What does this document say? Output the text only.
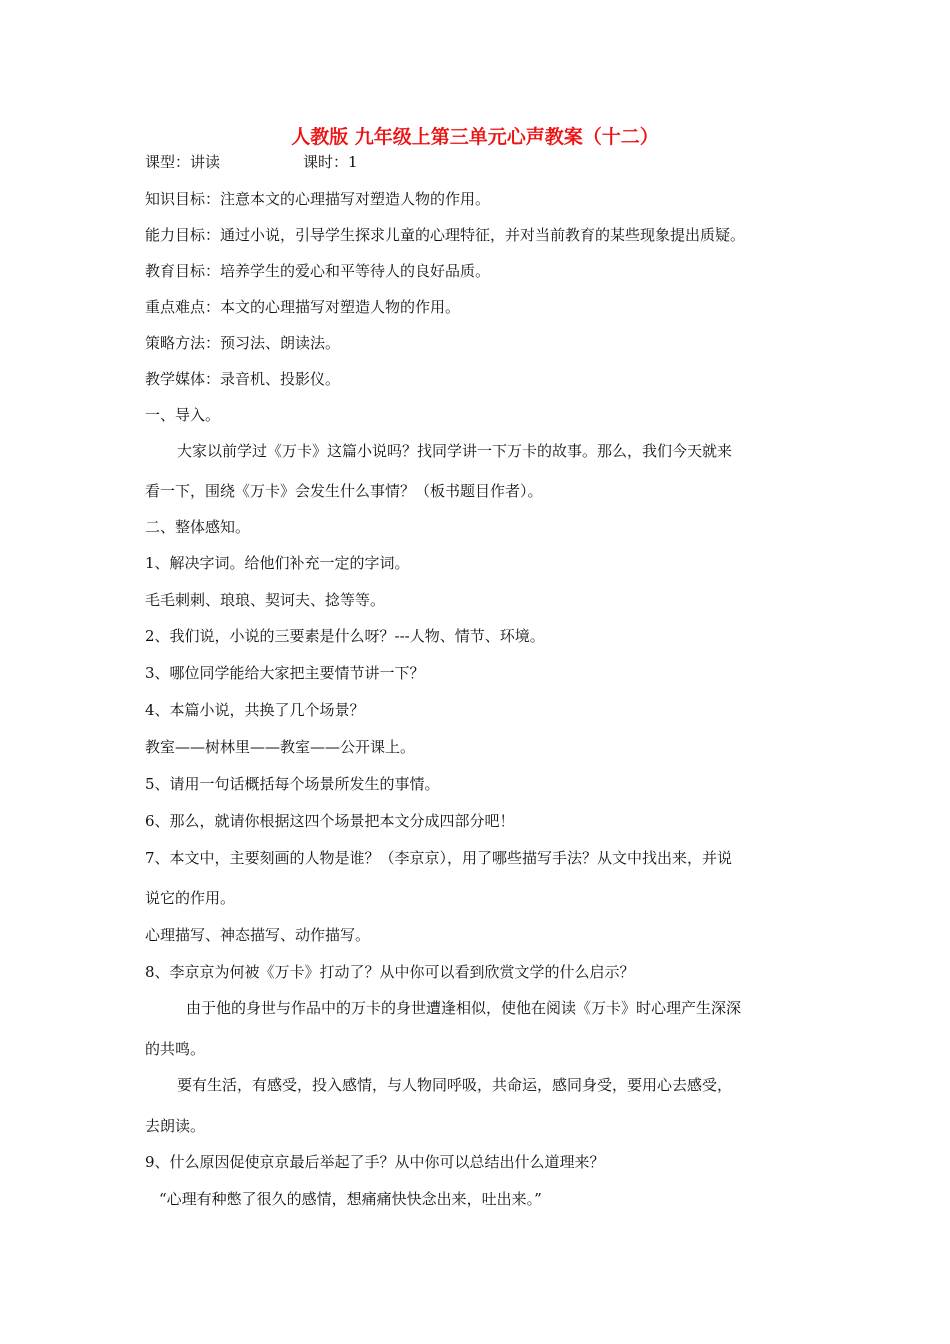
人教版 九年级上第三单元心声教案（十二）
课型：讲读	课时：1
知识目标：注意本文的心理描写对塑造人物的作用。
能力目标：通过小说，引导学生探求儿童的心理特征，并对当前教育的某些现象提出质疑。
教育目标：培养学生的爱心和平等待人的良好品质。
重点难点：本文的心理描写对塑造人物的作用。
策略方法：预习法、朗读法。
教学媒体：录音机、投影仪。
一、导入。
大家以前学过《万卡》这篇小说吗？找同学讲一下万卡的故事。那么，我们今天就来
看一下，围绕《万卡》会发生什么事情？（板书题目作者）。
二、整体感知。
1、解决字词。给他们补充一定的字词。
毛毛刺刺、琅琅、契诃夫、捻等等。
2、我们说，小说的三要素是什么呀？---人物、情节、环境。
3、哪位同学能给大家把主要情节讲一下？
4、本篇小说，共换了几个场景？
教室——树林里——教室——公开课上。
5、请用一句话概括每个场景所发生的事情。
6、那么，就请你根据这四个场景把本文分成四部分吧！
7、本文中，主要刻画的人物是谁？（李京京），用了哪些描写手法？从文中找出来，并说
说它的作用。
心理描写、神态描写、动作描写。
8、李京京为何被《万卡》打动了？从中你可以看到欣赏文学的什么启示？
由于他的身世与作品中的万卡的身世遭逢相似，使他在阅读《万卡》时心理产生深深
的共鸣。
要有生活，有感受，投入感情，与人物同呼吸，共命运，感同身受，要用心去感受，
去朗读。
9、什么原因促使京京最后举起了手？从中你可以总结出什么道理来？
“心理有种憋了很久的感情，想痛痛快快念出来，吐出来。”
